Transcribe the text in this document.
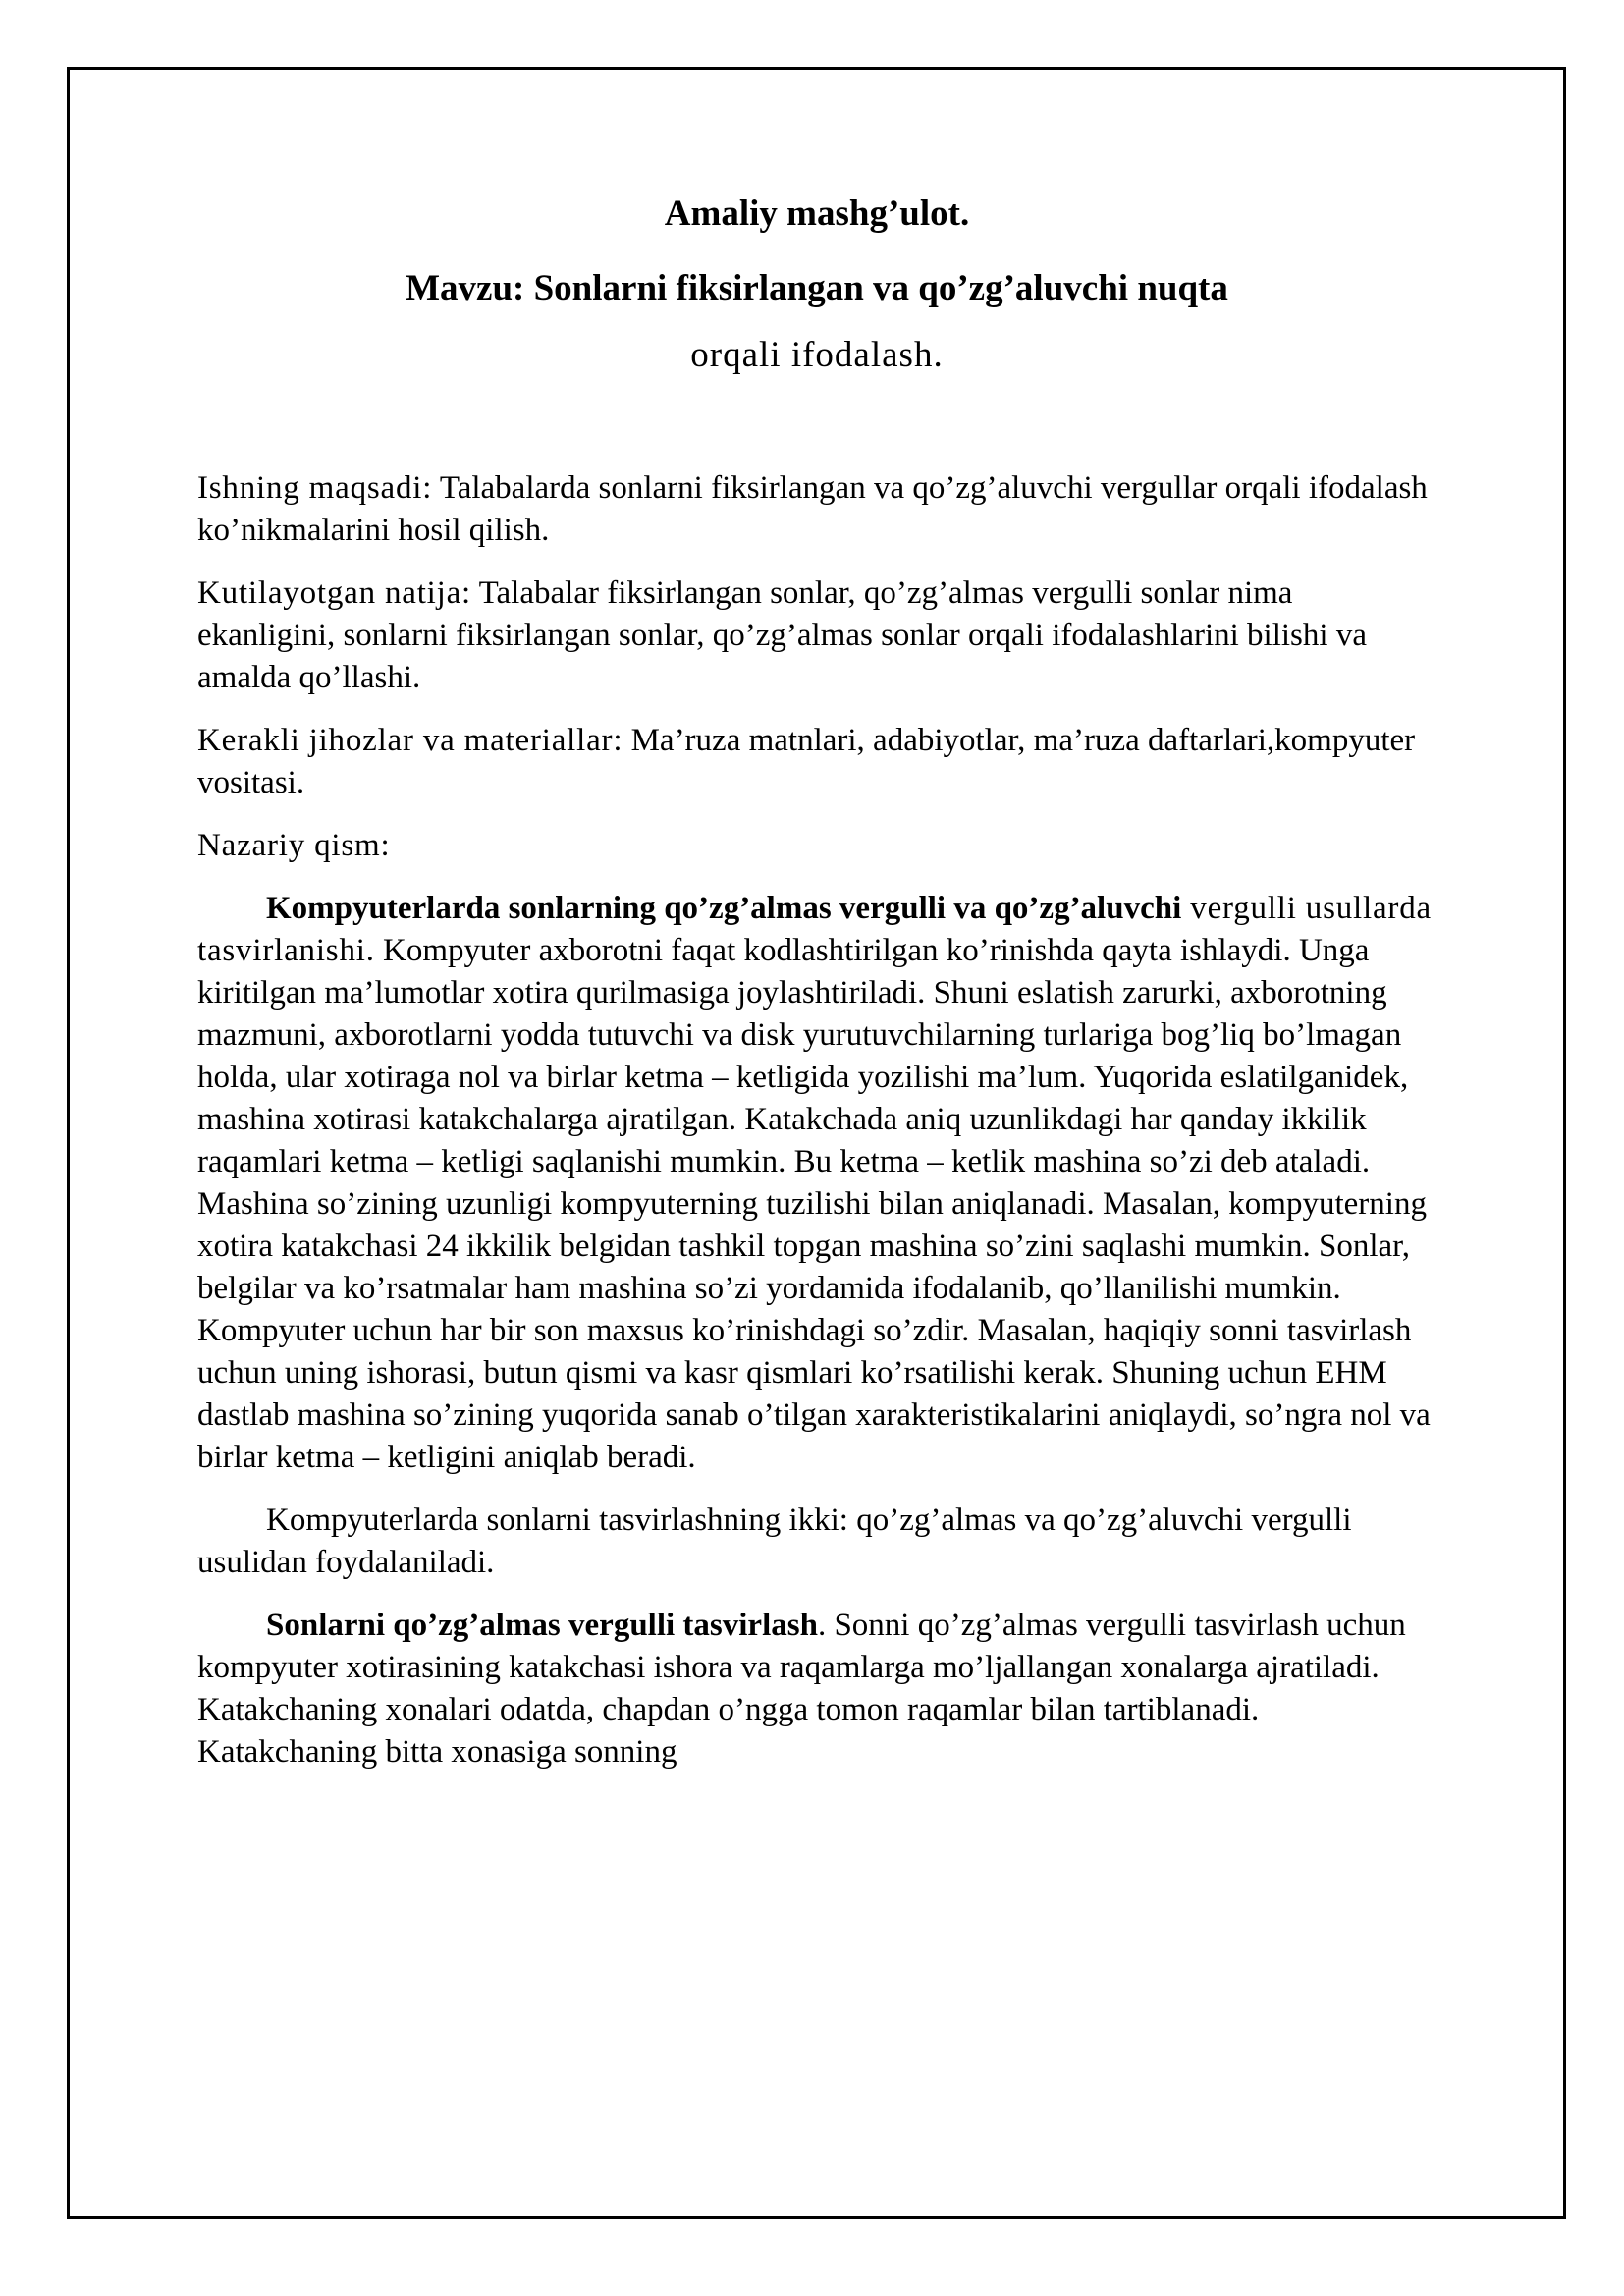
Amaliy mashg’ulot.
Mavzu: Sonlarni fiksirlangan va qo’zg’aluvchi nuqta
orqali ifodalash.

Ishning maqsadi: Talabalarda sonlarni fiksirlangan va qo’zg’aluvchi vergullar orqali ifodalash ko’nikmalarini hosil qilish.

Kutilayotgan natija: Talabalar fiksirlangan sonlar, qo’zg’almas vergulli sonlar nima ekanligini, sonlarni fiksirlangan sonlar, qo’zg’almas sonlar orqali ifodalashlarini bilishi va amalda qo’llashi.

Kerakli jihozlar va materiallar: Ma’ruza matnlari, adabiyotlar, ma’ruza daftarlari,kompyuter vositasi.

Nazariy qism:

Kompyuterlarda sonlarning qo’zg’almas vergulli va qo’zg’aluvchi vergulli usullarda tasvirlanishi. Kompyuter axborotni faqat kodlashtirilgan ko’rinishda qayta ishlaydi. Unga kiritilgan ma’lumotlar xotira qurilmasiga joylashtiriladi. Shuni eslatish zarurki, axborotning mazmuni, axborotlarni yodda tutuvchi va disk yurutuvchilarning turlariga bog’liq bo’lmagan holda, ular xotiraga nol va birlar ketma – ketligida yozilishi ma’lum. Yuqorida eslatilganidek, mashina xotirasi katakchalarga ajratilgan. Katakchada aniq uzunlikdagi har qanday ikkilik raqamlari ketma – ketligi saqlanishi mumkin. Bu ketma – ketlik mashina so’zi deb ataladi. Mashina so’zining uzunligi kompyuterning tuzilishi bilan aniqlanadi. Masalan, kompyuterning xotira katakchasi 24 ikkilik belgidan tashkil topgan mashina so’zini saqlashi mumkin. Sonlar, belgilar va ko’rsatmalar ham mashina so’zi yordamida ifodalanib, qo’llanilishi mumkin. Kompyuter uchun har bir son maxsus ko’rinishdagi so’zdir. Masalan, haqiqiy sonni tasvirlash uchun uning ishorasi, butun qismi va kasr qismlari ko’rsatilishi kerak. Shuning uchun EHM dastlab mashina so’zining yuqorida sanab o’tilgan xarakteristikalarini aniqlaydi, so’ngra nol va birlar ketma – ketligini aniqlab beradi.

Kompyuterlarda sonlarni tasvirlashning ikki: qo’zg’almas va qo’zg’aluvchi vergulli usulidan foydalaniladi.

Sonlarni qo’zg’almas vergulli tasvirlash. Sonni qo’zg’almas vergulli tasvirlash uchun kompyuter xotirasining katakchasi ishora va raqamlarga mo’ljallangan xonalarga ajratiladi. Katakchaning xonalari odatda, chapdan o’ngga tomon raqamlar bilan tartiblanadi. Katakchaning bitta xonasiga sonning
